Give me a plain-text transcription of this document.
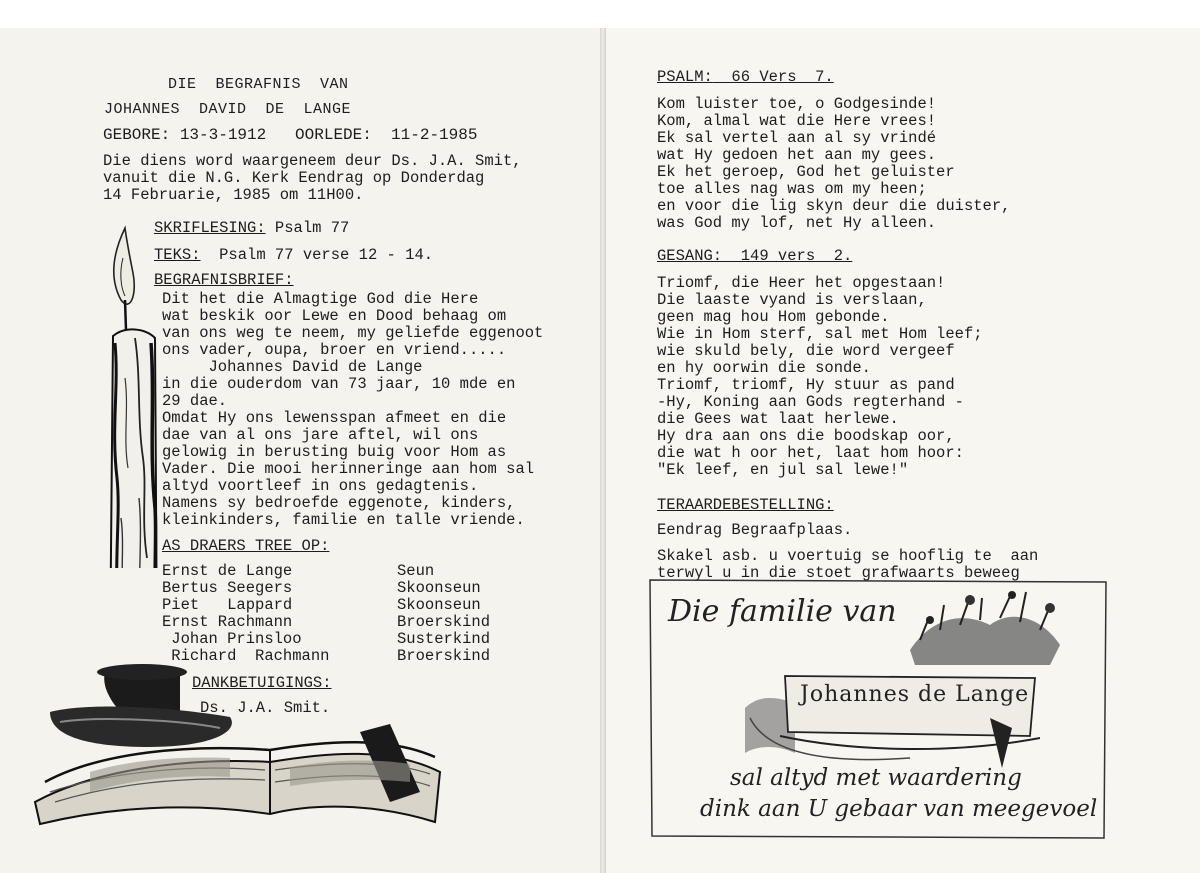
DIE  BEGRAFNIS  VAN
JOHANNES  DAVID  DE  LANGE
GEBORE: 13-3-1912   OORLEDE:  11-2-1985
Die diens word waargeneem deur Ds. J.A. Smit,
vanuit die N.G. Kerk Eendrag op Donderdag
14 Februarie, 1985 om 11H00.
SKRIFLESING: Psalm 77
TEKS:  Psalm 77 verse 12 - 14.
BEGRAFNISBRIEF:
Dit het die Almagtige God die Here
wat beskik oor Lewe en Dood behaag om
van ons weg te neem, my geliefde eggenoot
ons vader, oupa, broer en vriend.....
Johannes David de Lange
in die ouderdom van 73 jaar, 10 mde en
29 dae.
Omdat Hy ons lewensspan afmeet en die
dae van al ons jare aftel, wil ons
gelowig in berusting buig voor Hom as
Vader. Die mooi herinneringe aan hom sal
altyd voortleef in ons gedagtenis.
Namens sy bedroefde eggenote, kinders,
kleinkinders, familie en talle vriende.
AS DRAERS TREE OP:
Ernst de Lange	Seun
Bertus Seegers	Skoonseun
Piet   Lappard	Skoonseun
Ernst Rachmann	Broerskind
Johan Prinsloo	Susterkind
Richard  Rachmann	Broerskind
DANKBETUIGINGS:
Ds. J.A. Smit.
PSALM:  66 Vers  7.
Kom luister toe, o Godgesinde!
Kom, almal wat die Here vrees!
Ek sal vertel aan al sy vrindé
wat Hy gedoen het aan my gees.
Ek het geroep, God het geluister
toe alles nag was om my heen;
en voor die lig skyn deur die duister,
was God my lof, net Hy alleen.
GESANG:  149 vers  2.
Triomf, die Heer het opgestaan!
Die laaste vyand is verslaan,
geen mag hou Hom gebonde.
Wie in Hom sterf, sal met Hom leef;
wie skuld bely, die word vergeef
en hy oorwin die sonde.
Triomf, triomf, Hy stuur as pand
-Hy, Koning aan Gods regterhand -
die Gees wat laat herlewe.
Hy dra aan ons die boodskap oor,
die wat h oor het, laat hom hoor:
"Ek leef, en jul sal lewe!"
TERAARDEBESTELLING:
Eendrag Begraafplaas.
Skakel asb. u voertuig se hooflig te  aan
terwyl u in die stoet grafwaarts beweeg
Die familie van
Johannes de Lange
sal altyd met waardering
dink aan U gebaar van meegevoel
